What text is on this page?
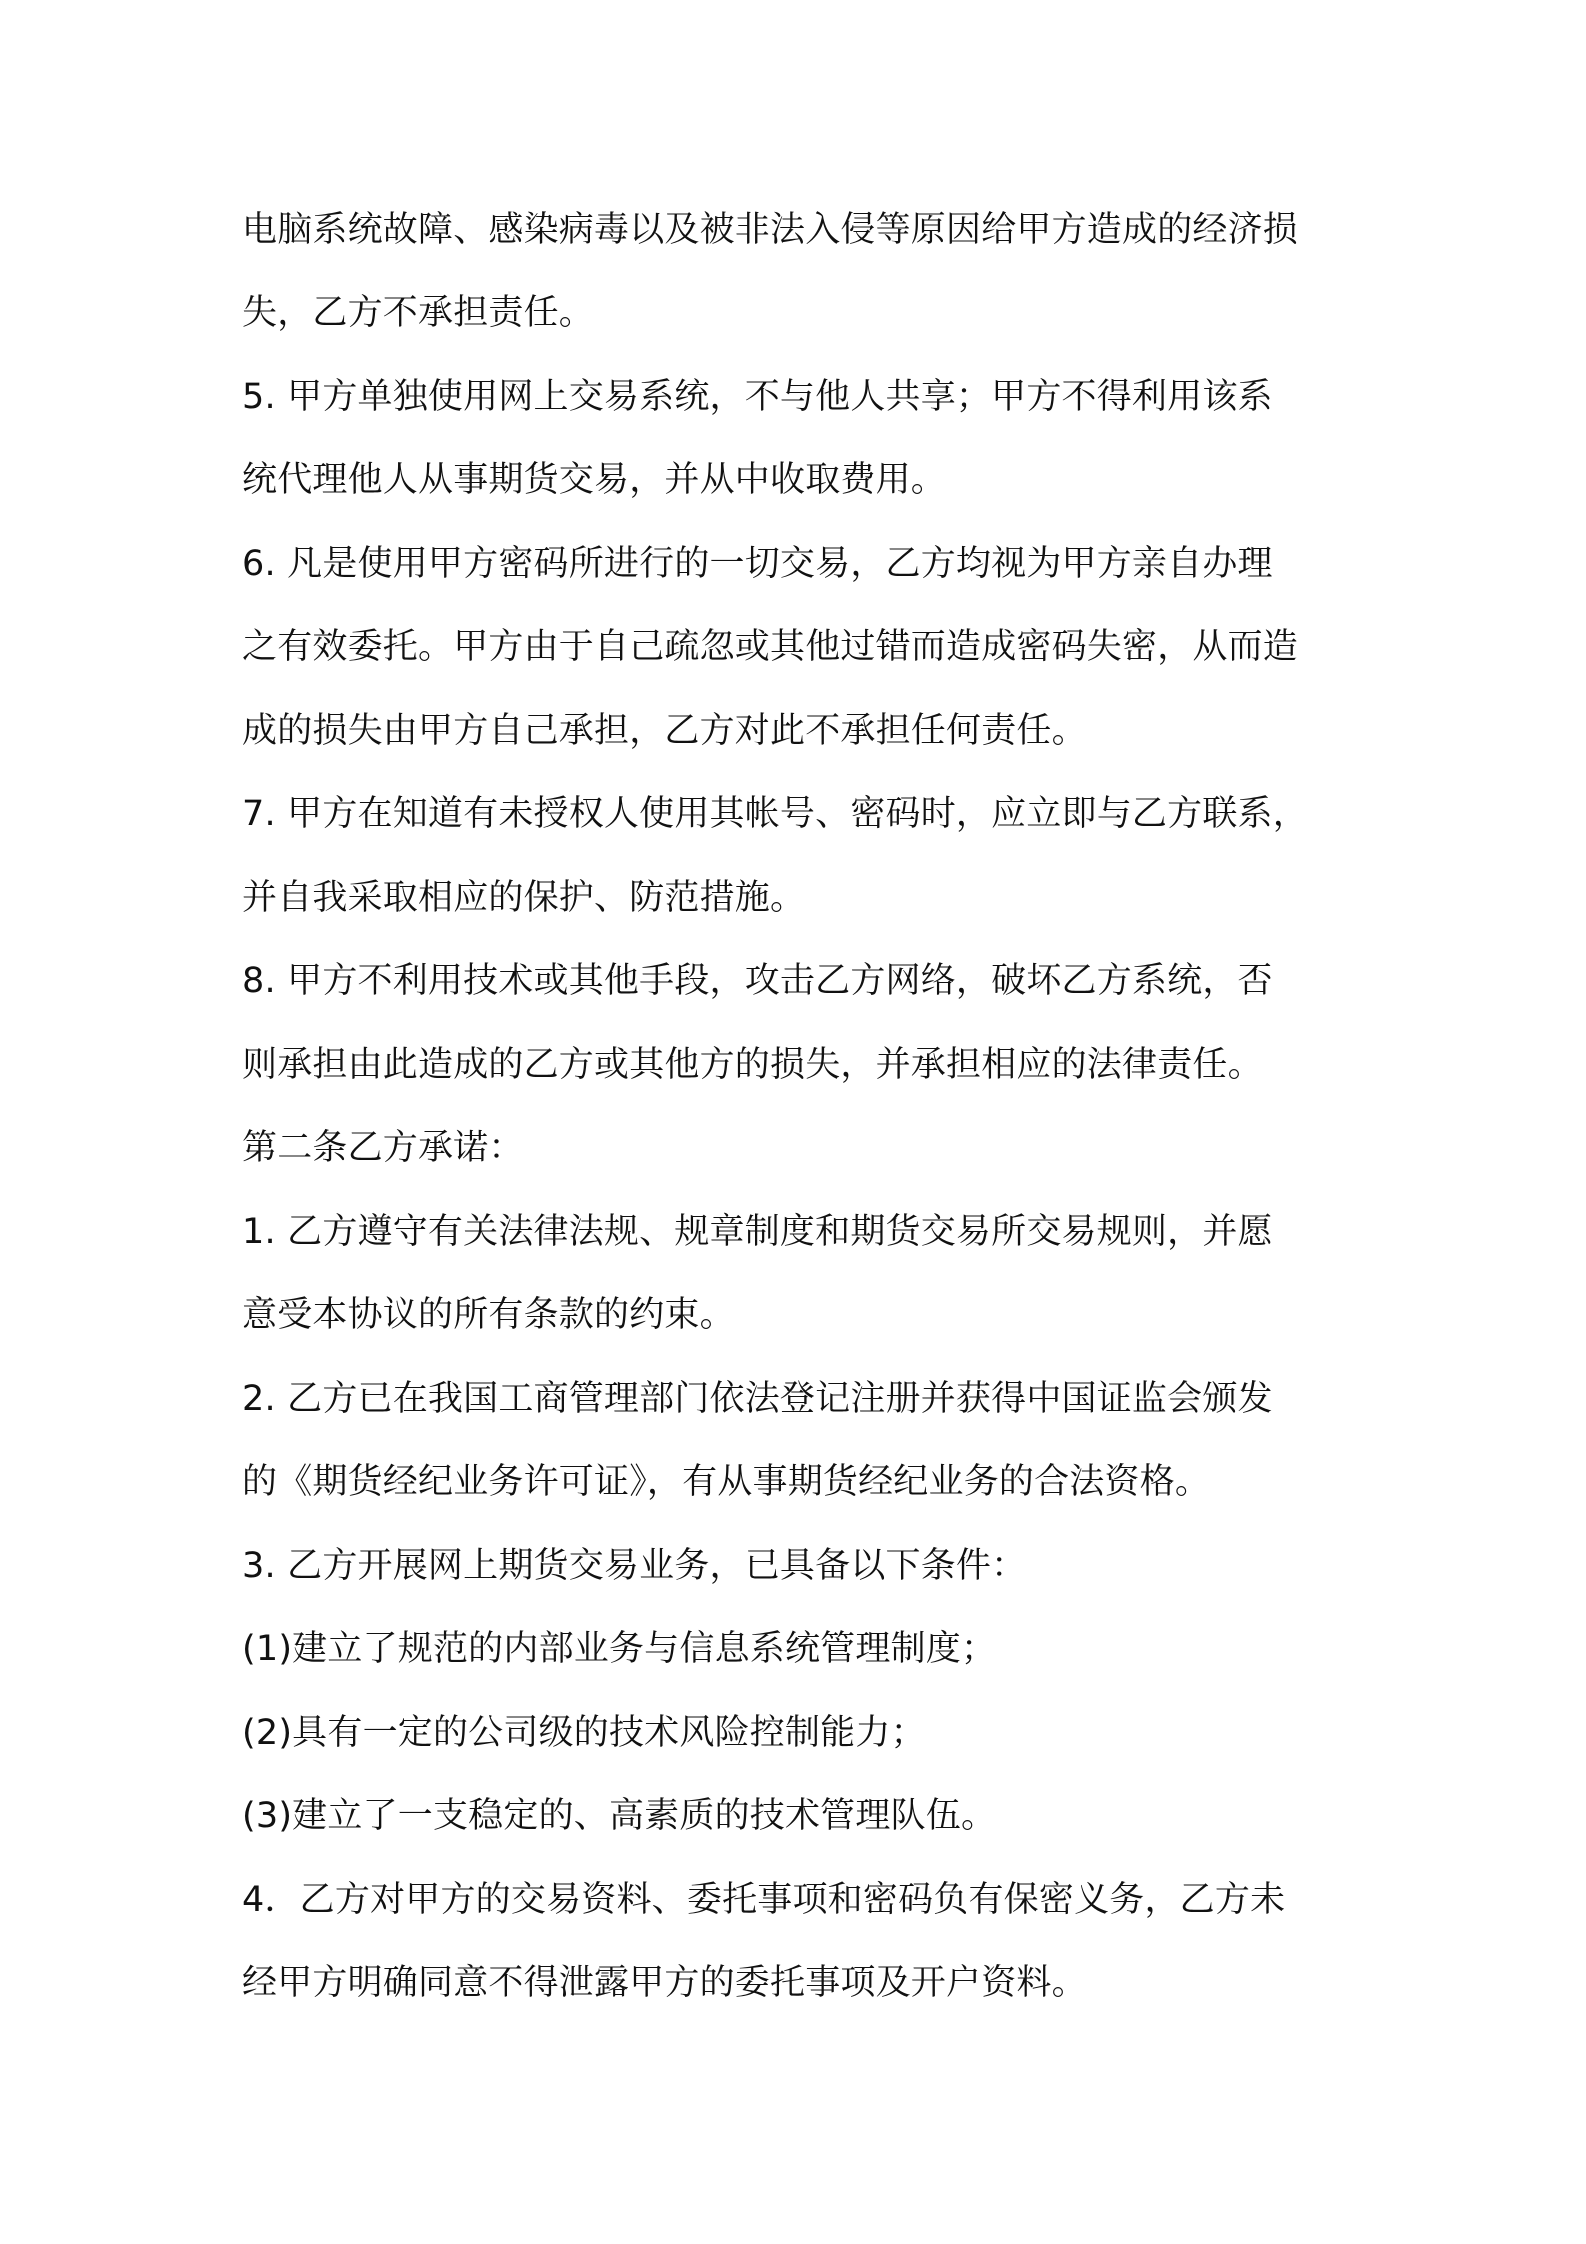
电脑系统故障、感染病毒以及被非法入侵等原因给甲方造成的经济损
失，乙方不承担责任。
5. 甲方单独使用网上交易系统，不与他人共享；甲方不得利用该系
统代理他人从事期货交易，并从中收取费用。
6. 凡是使用甲方密码所进行的一切交易，乙方均视为甲方亲自办理
之有效委托。甲方由于自己疏忽或其他过错而造成密码失密，从而造
成的损失由甲方自己承担，乙方对此不承担任何责任。
7. 甲方在知道有未授权人使用其帐号、密码时，应立即与乙方联系，
并自我采取相应的保护、防范措施。
8. 甲方不利用技术或其他手段，攻击乙方网络，破坏乙方系统，否
则承担由此造成的乙方或其他方的损失，并承担相应的法律责任。
第二条乙方承诺：
1. 乙方遵守有关法律法规、规章制度和期货交易所交易规则，并愿
意受本协议的所有条款的约束。
2. 乙方已在我国工商管理部门依法登记注册并获得中国证监会颁发
的《期货经纪业务许可证》，有从事期货经纪业务的合法资格。
3. 乙方开展网上期货交易业务，已具备以下条件：
(1)建立了规范的内部业务与信息系统管理制度；
(2)具有一定的公司级的技术风险控制能力；
(3)建立了一支稳定的、高素质的技术管理队伍。
4．乙方对甲方的交易资料、委托事项和密码负有保密义务，乙方未
经甲方明确同意不得泄露甲方的委托事项及开户资料。
